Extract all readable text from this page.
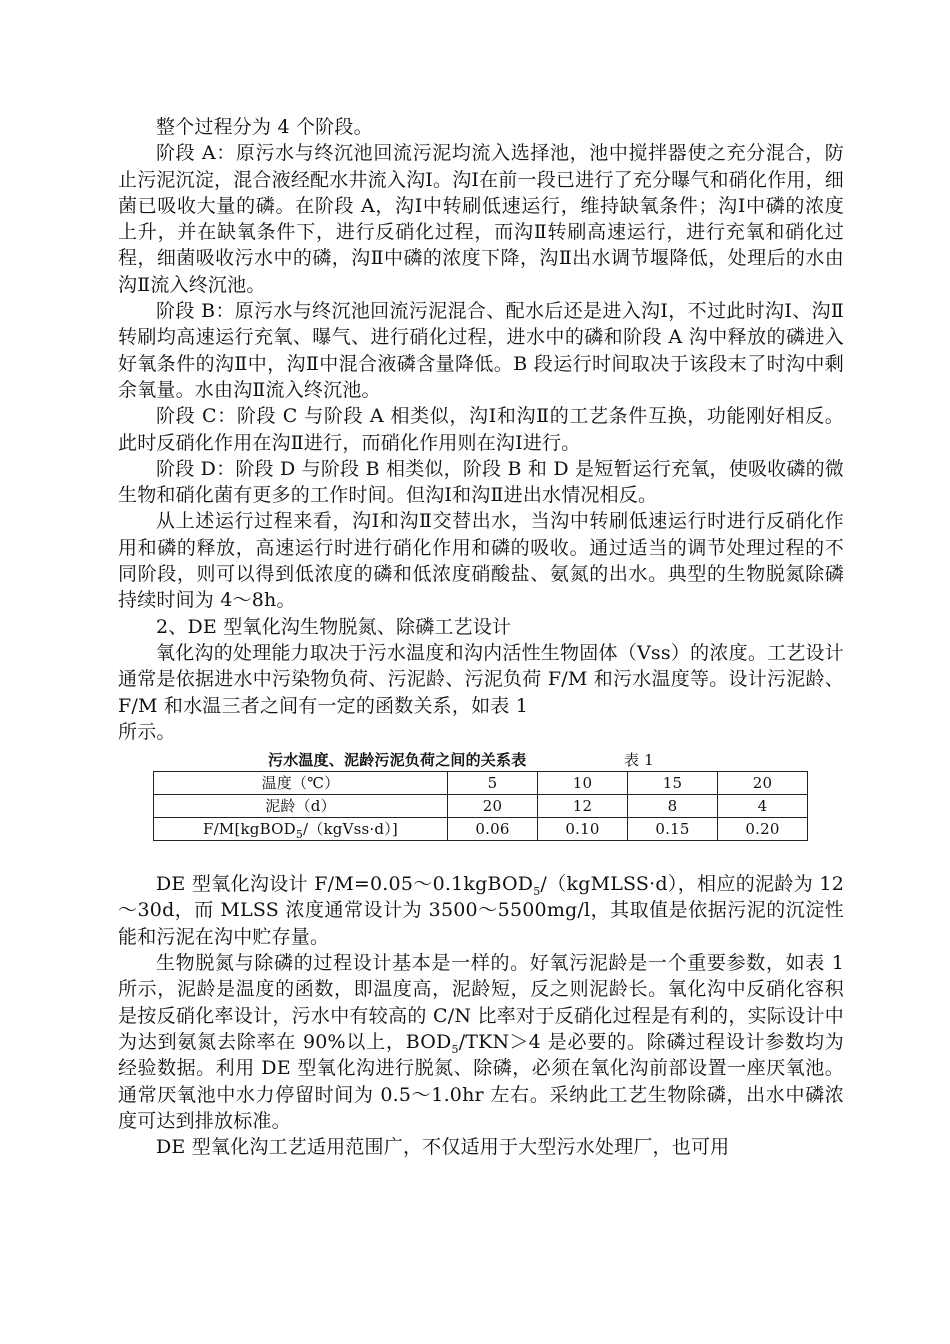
整个过程分为 4 个阶段。

阶段 A：原污水与终沉池回流污泥均流入选择池，池中搅拌器使之充分混合，防止污泥沉淀，混合液经配水井流入沟Ⅰ。沟Ⅰ在前一段已进行了充分曝气和硝化作用，细菌已吸收大量的磷。在阶段 A，沟Ⅰ中转刷低速运行，维持缺氧条件；沟Ⅰ中磷的浓度上升，并在缺氧条件下，进行反硝化过程，而沟Ⅱ转刷高速运行，进行充氧和硝化过程，细菌吸收污水中的磷，沟Ⅱ中磷的浓度下降，沟Ⅱ出水调节堰降低，处理后的水由沟Ⅱ流入终沉池。

阶段 B：原污水与终沉池回流污泥混合、配水后还是进入沟Ⅰ，不过此时沟Ⅰ、沟Ⅱ转刷均高速运行充氧、曝气、进行硝化过程，进水中的磷和阶段 A 沟中释放的磷进入好氧条件的沟Ⅱ中，沟Ⅱ中混合液磷含量降低。B 段运行时间取决于该段末了时沟中剩余氧量。水由沟Ⅱ流入终沉池。

阶段 C：阶段 C 与阶段 A 相类似，沟Ⅰ和沟Ⅱ的工艺条件互换，功能刚好相反。此时反硝化作用在沟Ⅱ进行，而硝化作用则在沟Ⅰ进行。

阶段 D：阶段 D 与阶段 B 相类似，阶段 B 和 D 是短暂运行充氧，使吸收磷的微生物和硝化菌有更多的工作时间。但沟Ⅰ和沟Ⅱ进出水情况相反。

从上述运行过程来看，沟Ⅰ和沟Ⅱ交替出水，当沟中转刷低速运行时进行反硝化作用和磷的释放，高速运行时进行硝化作用和磷的吸收。通过适当的调节处理过程的不同阶段，则可以得到低浓度的磷和低浓度硝酸盐、氨氮的出水。典型的生物脱氮除磷持续时间为 4～8h。

2、DE 型氧化沟生物脱氮、除磷工艺设计

氧化沟的处理能力取决于污水温度和沟内活性生物固体（Vss）的浓度。工艺设计通常是依据进水中污染物负荷、污泥龄、污泥负荷 F/M 和污水温度等。设计污泥龄、F/M 和水温三者之间有一定的函数关系，如表 1

所示。

污水温度、泥龄污泥负荷之间的关系表	表 1
温度（℃）	5	10	15	20
泥龄（d）	20	12	8	4
F/M[kgBOD$_5$/（kgVss·d）]	0.06	0.10	0.15	0.20

DE 型氧化沟设计 F/M=0.05～0.1kgBOD$_5$/（kgMLSS·d），相应的泥龄为 12～30d，而 MLSS 浓度通常设计为 3500～5500mg/l，其取值是依据污泥的沉淀性能和污泥在沟中贮存量。

生物脱氮与除磷的过程设计基本是一样的。好氧污泥龄是一个重要参数，如表 1 所示，泥龄是温度的函数，即温度高，泥龄短，反之则泥龄长。氧化沟中反硝化容积是按反硝化率设计，污水中有较高的 C/N 比率对于反硝化过程是有利的，实际设计中为达到氨氮去除率在 90%以上，$BOD_5/TKN>4$ 是必要的。除磷过程设计参数均为经验数据。利用 DE 型氧化沟进行脱氮、除磷，必须在氧化沟前部设置一座厌氧池。通常厌氧池中水力停留时间为 0.5～1.0hr 左右。采纳此工艺生物除磷，出水中磷浓度可达到排放标准。

DE 型氧化沟工艺适用范围广，不仅适用于大型污水处理厂，也可用
